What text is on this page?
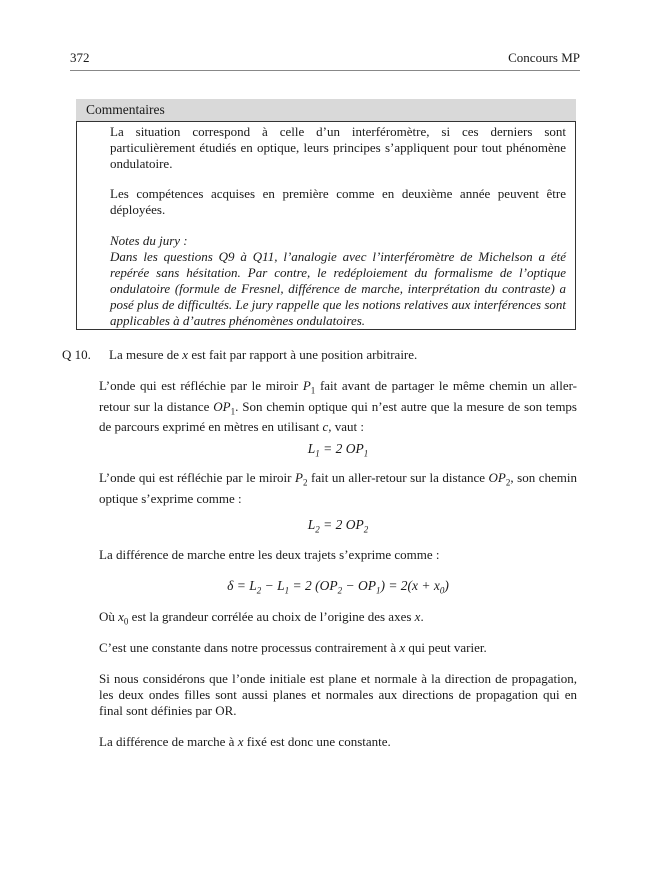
372	Concours MP
Commentaires

La situation correspond à celle d’un interféromètre, si ces derniers sont particulièrement étudiés en optique, leurs principes s’appliquent pour tout phénomène ondulatoire.

Les compétences acquises en première comme en deuxième année peuvent être déployées.

Notes du jury :

Dans les questions Q9 à Q11, l’analogie avec l’interféromètre de Michelson a été repérée sans hésitation. Par contre, le redéploiement du formalisme de l’optique ondulatoire (formule de Fresnel, différence de marche, interprétation du contraste) a posé plus de difficultés. Le jury rappelle que les notions relatives aux interférences sont applicables à d’autres phénomènes ondulatoires.

Q 10. La mesure de x est fait par rapport à une position arbitraire.

L’onde qui est réfléchie par le miroir $P_1$ fait avant de partager le même chemin un aller-retour sur la distance $OP_1$. Son chemin optique qui n’est autre que la mesure de son temps de parcours exprimé en mètres en utilisant c, vaut :

$L_1 = 2$ $OP_1$

L’onde qui est réfléchie par le miroir $P_2$ fait un aller-retour sur la distance $OP_2$, son chemin optique s’exprime comme :

$L_2 = 2$ $OP_2$

La différence de marche entre les deux trajets s’exprime comme :

$\delta = L_2 - L_1 = 2$ $(OP_2 - OP_1) = 2(x + x_0)$

Où $x_0$ est la grandeur corrélée au choix de l’origine des axes x.

C’est une constante dans notre processus contrairement à x qui peut varier.

Si nous considérons que l’onde initiale est plane et normale à la direction de propagation, les deux ondes filles sont aussi planes et normales aux directions de propagation qui en final sont définies par OR.

La différence de marche à x fixé est donc une constante.
